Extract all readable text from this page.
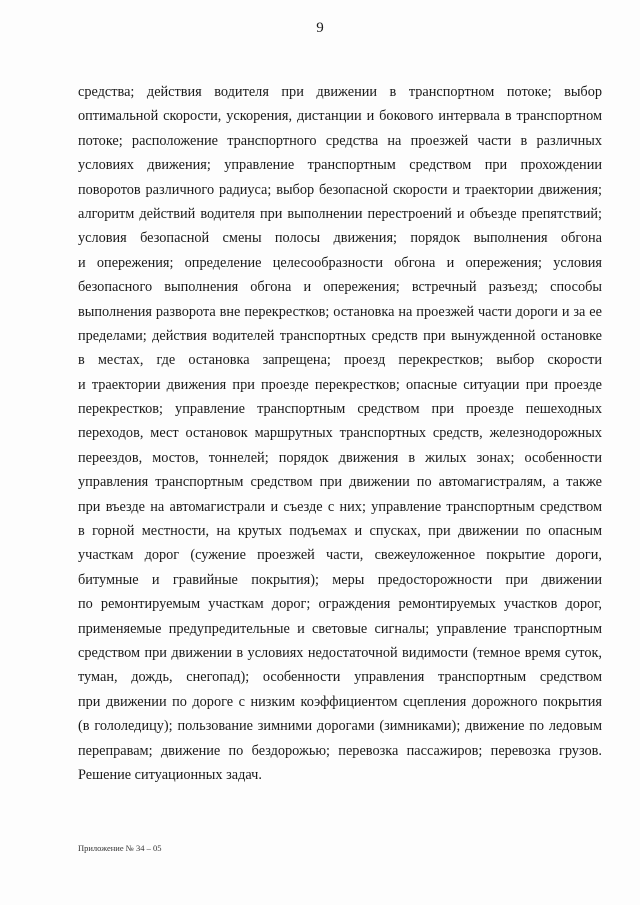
9
средства; действия водителя при движении в транспортном потоке; выбор
оптимальной скорости, ускорения, дистанции и бокового интервала в транспортном
потоке; расположение транспортного средства на проезжей части в различных
условиях движения; управление транспортным средством при прохождении
поворотов различного радиуса; выбор безопасной скорости и траектории движения;
алгоритм действий водителя при выполнении перестроений и объезде препятствий;
условия безопасной смены полосы движения; порядок выполнения обгона
и опережения; определение целесообразности обгона и опережения; условия
безопасного выполнения обгона и опережения; встречный разъезд; способы
выполнения разворота вне перекрестков; остановка на проезжей части дороги и за ее
пределами; действия водителей транспортных средств при вынужденной остановке
в местах, где остановка запрещена; проезд перекрестков; выбор скорости
и траектории движения при проезде перекрестков; опасные ситуации при проезде
перекрестков; управление транспортным средством при проезде пешеходных
переходов, мест остановок маршрутных транспортных средств, железнодорожных
переездов, мостов, тоннелей; порядок движения в жилых зонах; особенности
управления транспортным средством при движении по автомагистралям, а также
при въезде на автомагистрали и съезде с них; управление транспортным средством
в горной местности, на крутых подъемах и спусках, при движении по опасным
участкам дорог (сужение проезжей части, свежеуложенное покрытие дороги,
битумные и гравийные покрытия); меры предосторожности при движении
по ремонтируемым участкам дорог; ограждения ремонтируемых участков дорог,
применяемые предупредительные и световые сигналы; управление транспортным
средством при движении в условиях недостаточной видимости (темное время суток,
туман, дождь, снегопад); особенности управления транспортным средством
при движении по дороге с низким коэффициентом сцепления дорожного покрытия
(в гололедицу); пользование зимними дорогами (зимниками); движение по ледовым
переправам; движение по бездорожью; перевозка пассажиров; перевозка грузов.
Решение ситуационных задач.
Приложение № 34 – 05
